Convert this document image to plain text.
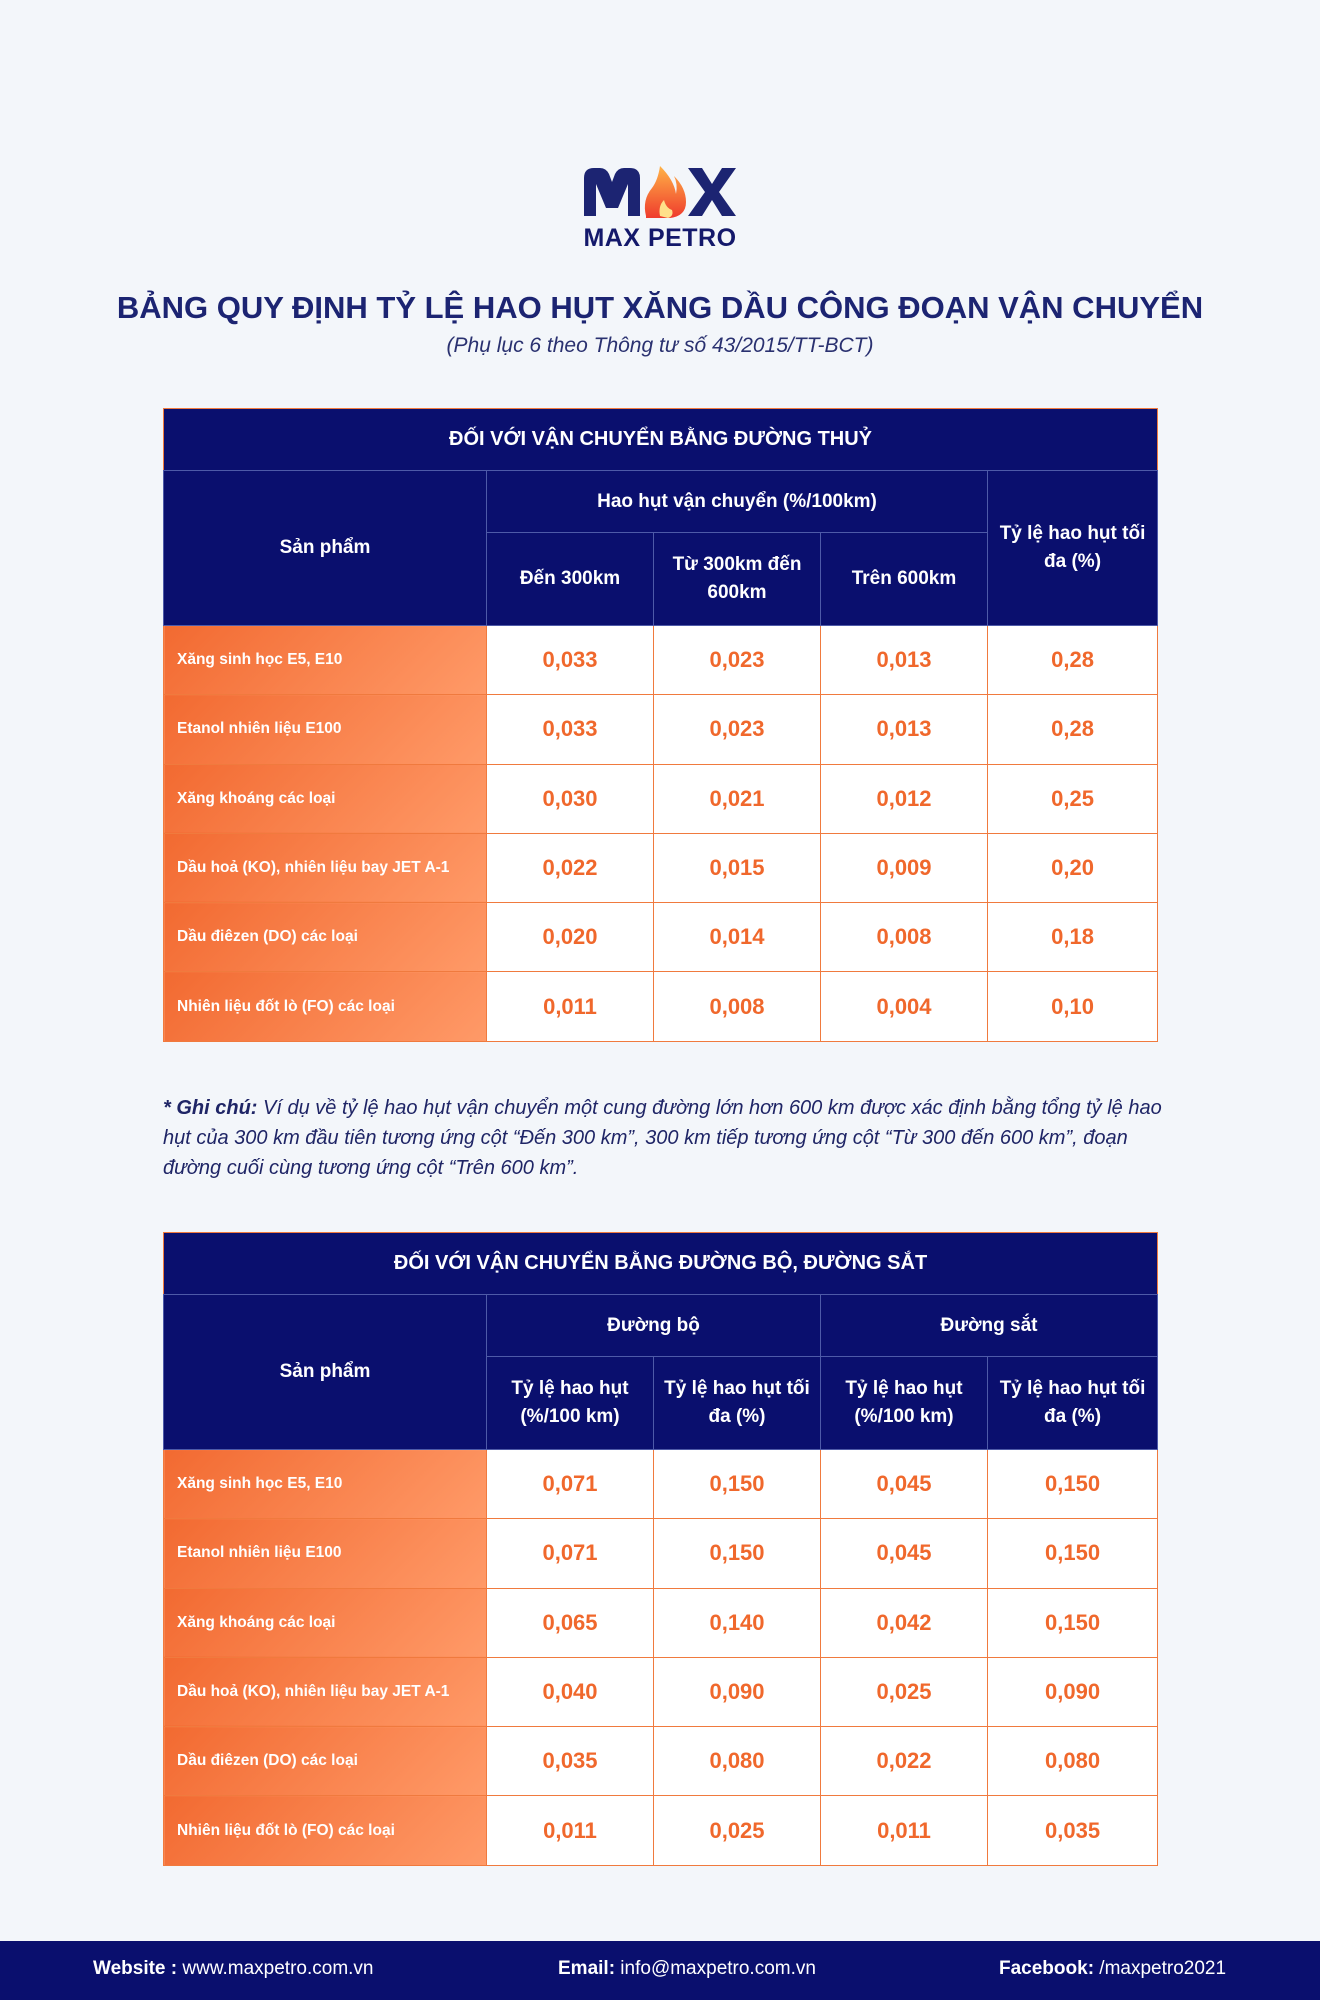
MAX PETRO
BẢNG QUY ĐỊNH TỶ LỆ HAO HỤT XĂNG DẦU CÔNG ĐOẠN VẬN CHUYỂN
(Phụ lục 6 theo Thông tư số 43/2015/TT-BCT)
ĐỐI VỚI VẬN CHUYỂN BẰNG ĐƯỜNG THUỶ				
Sản phẩm	Hao hụt vận chuyển (%/100km)			Tỷ lệ hao hụt tối đa (%)
	Đến 300km	Từ 300km đến 600km	Trên 600km	
Xăng sinh học E5, E10	0,033	0,023	0,013	0,28
Etanol nhiên liệu E100	0,033	0,023	0,013	0,28
Xăng khoáng các loại	0,030	0,021	0,012	0,25
Dầu hoả (KO), nhiên liệu bay JET A-1	0,022	0,015	0,009	0,20
Dầu điêzen (DO) các loại	0,020	0,014	0,008	0,18
Nhiên liệu đốt lò (FO) các loại	0,011	0,008	0,004	0,10

* Ghi chú: Ví dụ về tỷ lệ hao hụt vận chuyển một cung đường lớn hơn 600 km được xác định bằng tổng tỷ lệ hao hụt của 300 km đầu tiên tương ứng cột “Đến 300 km”, 300 km tiếp tương ứng cột “Từ 300 đến 600 km”, đoạn đường cuối cùng tương ứng cột “Trên 600 km”.

ĐỐI VỚI VẬN CHUYỂN BẰNG ĐƯỜNG BỘ, ĐƯỜNG SẮT				
Sản phẩm	Đường bộ		Đường sắt	
	Tỷ lệ hao hụt (%/100 km)	Tỷ lệ hao hụt tối đa (%)	Tỷ lệ hao hụt (%/100 km)	Tỷ lệ hao hụt tối đa (%)
Xăng sinh học E5, E10	0,071	0,150	0,045	0,150
Etanol nhiên liệu E100	0,071	0,150	0,045	0,150
Xăng khoáng các loại	0,065	0,140	0,042	0,150
Dầu hoả (KO), nhiên liệu bay JET A-1	0,040	0,090	0,025	0,090
Dầu điêzen (DO) các loại	0,035	0,080	0,022	0,080
Nhiên liệu đốt lò (FO) các loại	0,011	0,025	0,011	0,035
Website : www.maxpetro.com.vn	Email: info@maxpetro.com.vn	Facebook: /maxpetro2021
